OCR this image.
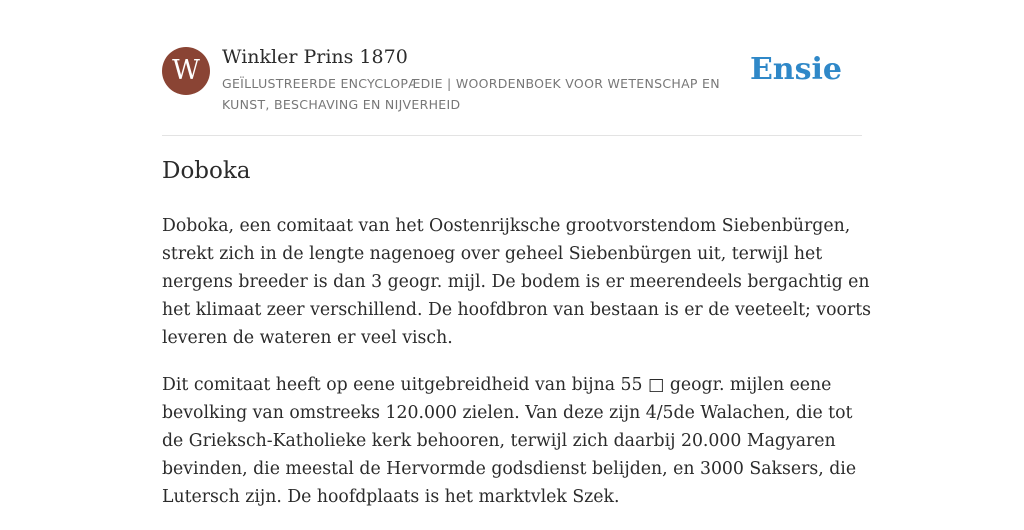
W	Winkler Prins 1870
GEÏLLUSTREERDE ENCYCLOPÆDIE | WOORDENBOEK VOOR WETENSCHAP EN KUNST, BESCHAVING EN NIJVERHEID
Ensie
Doboka

Doboka, een comitaat van het Oostenrijksche grootvorstendom Siebenbürgen, strekt zich in de lengte nagenoeg over geheel Siebenbürgen uit, terwijl het nergens breeder is dan 3 geogr. mijl. De bodem is er meerendeels bergachtig en het klimaat zeer verschillend. De hoofdbron van bestaan is er de veeteelt; voorts leveren de wateren er veel visch.

Dit comitaat heeft op eene uitgebreidheid van bijna 55 □ geogr. mijlen eene bevolking van omstreeks 120.000 zielen. Van deze zijn 4/5de Walachen, die tot de Grieksch-Katholieke kerk behooren, terwijl zich daarbij 20.000 Magyaren bevinden, die meestal de Hervormde godsdienst belijden, en 3000 Saksers, die Lutersch zijn. De hoofdplaats is het marktvlek Szek.
